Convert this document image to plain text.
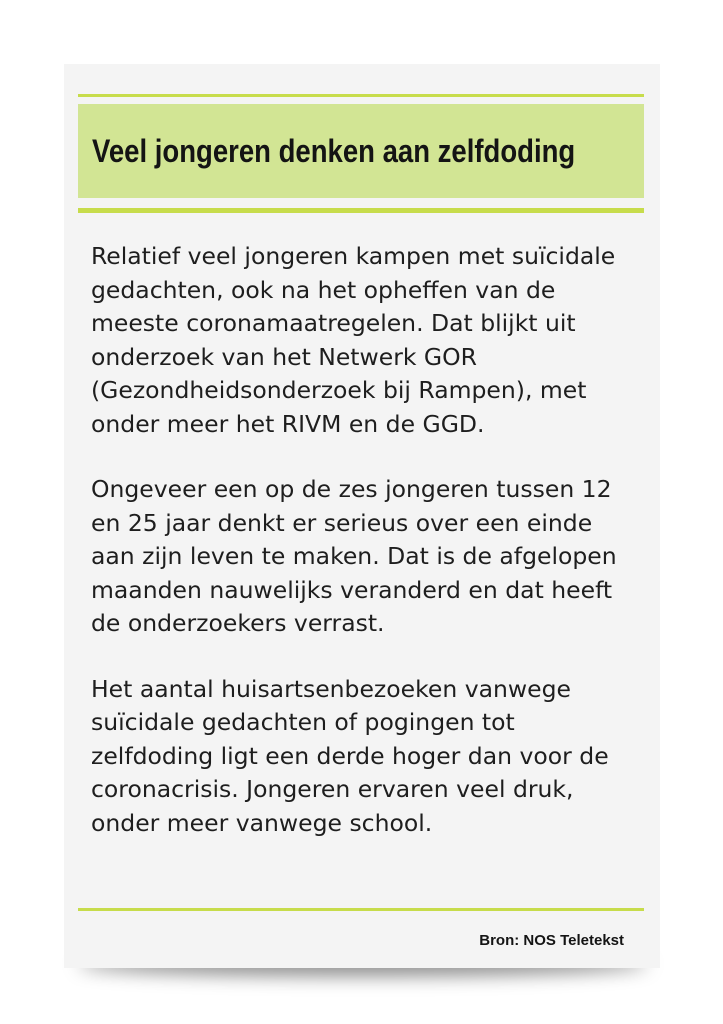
Veel jongeren denken aan zelfdoding

Relatief veel jongeren kampen met suïcidale gedachten, ook na het opheffen van de meeste coronamaatregelen. Dat blijkt uit onderzoek van het Netwerk GOR (Gezondheidsonderzoek bij Rampen), met onder meer het RIVM en de GGD.

Ongeveer een op de zes jongeren tussen 12 en 25 jaar denkt er serieus over een einde aan zijn leven te maken. Dat is de afgelopen maanden nauwelijks veranderd en dat heeft de onderzoekers verrast.

Het aantal huisartsenbezoeken vanwege suïcidale gedachten of pogingen tot zelfdoding ligt een derde hoger dan voor de coronacrisis. Jongeren ervaren veel druk, onder meer vanwege school.

Bron: NOS Teletekst
